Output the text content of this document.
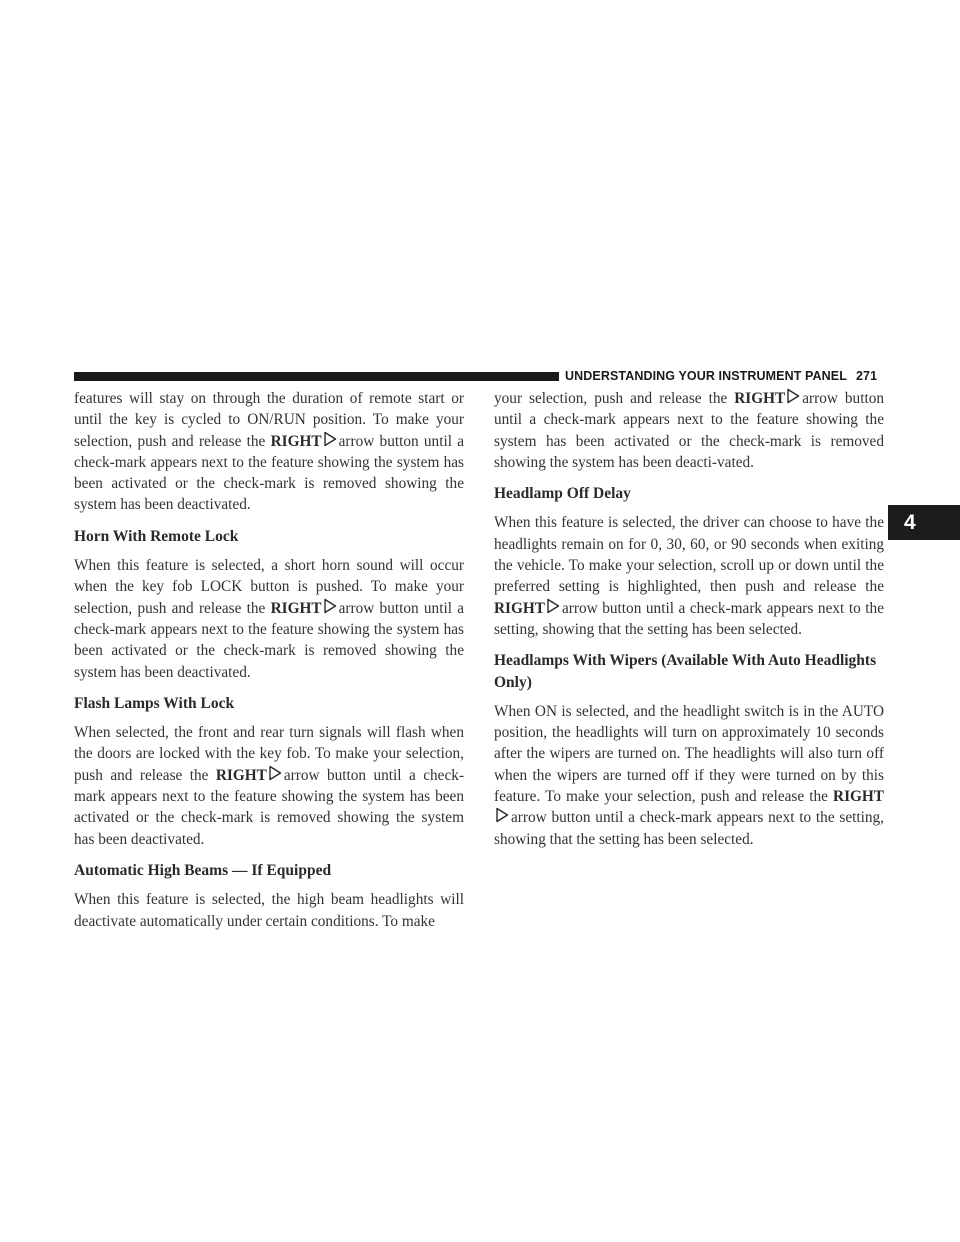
UNDERSTANDING YOUR INSTRUMENT PANEL 271
4

features will stay on through the duration of remote start or until the key is cycled to ON/RUN position. To make your selection, push and release the RIGHT arrow button until a check-mark appears next to the feature showing the system has been activated or the check-mark is removed showing the system has been deactivated.

Horn With Remote Lock

When this feature is selected, a short horn sound will occur when the key fob LOCK button is pushed. To make your selection, push and release the RIGHT arrow button until a check-mark appears next to the feature showing the system has been activated or the check-mark is removed showing the system has been deactivated.

Flash Lamps With Lock

When selected, the front and rear turn signals will flash when the doors are locked with the key fob. To make your selection, push and release the RIGHT arrow button until a check-mark appears next to the feature showing the system has been activated or the check-mark is removed showing the system has been deactivated.

Automatic High Beams — If Equipped

When this feature is selected, the high beam headlights will deactivate automatically under certain conditions. To make

your selection, push and release the RIGHT arrow button until a check-mark appears next to the feature showing the system has been activated or the check-mark is removed showing the system has been deacti-vated.

Headlamp Off Delay

When this feature is selected, the driver can choose to have the headlights remain on for 0, 30, 60, or 90 seconds when exiting the vehicle. To make your selection, scroll up or down until the preferred setting is highlighted, then push and release the RIGHT arrow button until a check-mark appears next to the setting, showing that the setting has been selected.

Headlamps With Wipers (Available With Auto Headlights Only)

When ON is selected, and the headlight switch is in the AUTO position, the headlights will turn on approximately 10 seconds after the wipers are turned on. The headlights will also turn off when the wipers are turned off if they were turned on by this feature. To make your selection, push and release the RIGHT
arrow button until a check-mark appears next to the setting, showing that the setting has been selected.
